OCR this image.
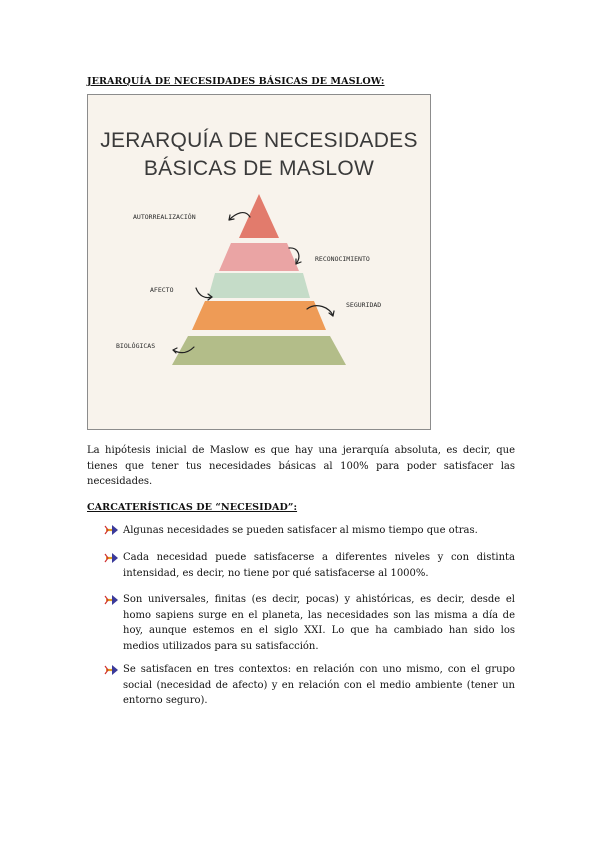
JERARQUÍA DE NECESIDADES BÁSICAS DE MASLOW:
JERARQUÍA DE NECESIDADES
BÁSICAS DE MASLOW
AUTORREALIZACIÓN
RECONOCIMIENTO
AFECTO
SEGURIDAD
BIOLÓGICAS
La hipótesis inicial de Maslow es que hay una jerarquía absoluta, es decir, que tienes que tener tus necesidades básicas al 100% para poder satisfacer las necesidades.
CARCATERÍSTICAS DE “NECESIDAD”:
Algunas necesidades se pueden satisfacer al mismo tiempo que otras.
Cada necesidad puede satisfacerse a diferentes niveles y con distinta intensidad, es decir, no tiene por qué satisfacerse al 1000%.
Son universales, finitas (es decir, pocas) y ahistóricas, es decir, desde el homo sapiens surge en el planeta, las necesidades son las misma a día de hoy, aunque estemos en el siglo XXI. Lo que ha cambiado han sido los medios utilizados para su satisfacción.
Se satisfacen en tres contextos: en relación con uno mismo, con el grupo social (necesidad de afecto) y en relación con el medio ambiente (tener un entorno seguro).
